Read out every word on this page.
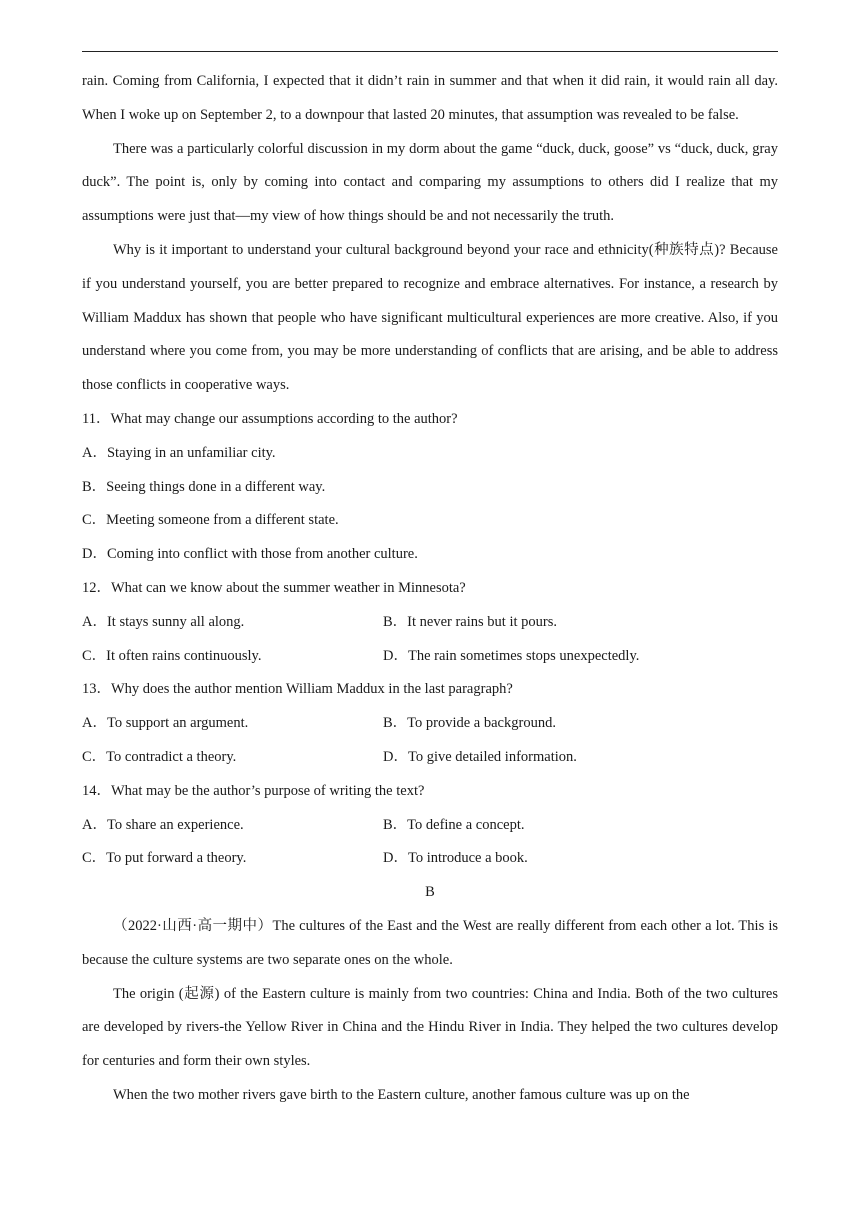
rain. Coming from California, I expected that it didn’t rain in summer and that when it did rain, it would rain all day. When I woke up on September 2, to a downpour that lasted 20 minutes, that assumption was revealed to be false.

There was a particularly colorful discussion in my dorm about the game “duck, duck, goose” vs “duck, duck, gray duck”. The point is, only by coming into contact and comparing my assumptions to others did I realize that my assumptions were just that—my view of how things should be and not necessarily the truth.

Why is it important to understand your cultural background beyond your race and ethnicity(种族特点)? Because if you understand yourself, you are better prepared to recognize and embrace alternatives. For instance, a research by William Maddux has shown that people who have significant multicultural experiences are more creative. Also, if you understand where you come from, you may be more understanding of conflicts that are arising, and be able to address those conflicts in cooperative ways.

11．What may change our assumptions according to the author?

A．Staying in an unfamiliar city.

B．Seeing things done in a different way.

C．Meeting someone from a different state.

D．Coming into conflict with those from another culture.

12．What can we know about the summer weather in Minnesota?

A．It stays sunny all along.	B．It never rains but it pours.
C．It often rains continuously.	D．The rain sometimes stops unexpectedly.

13．Why does the author mention William Maddux in the last paragraph?

A．To support an argument.	B．To provide a background.
C．To contradict a theory.	D．To give detailed information.

14．What may be the author’s purpose of writing the text?

A．To share an experience.	B．To define a concept.
C．To put forward a theory.	D．To introduce a book.

B

（2022·山西·高一期中）The cultures of the East and the West are really different from each other a lot. This is because the culture systems are two separate ones on the whole.

The origin (起源) of the Eastern culture is mainly from two countries: China and India. Both of the two cultures are developed by rivers-the Yellow River in China and the Hindu River in India. They helped the two cultures develop for centuries and form their own styles.

When the two mother rivers gave birth to the Eastern culture, another famous culture was up on the
